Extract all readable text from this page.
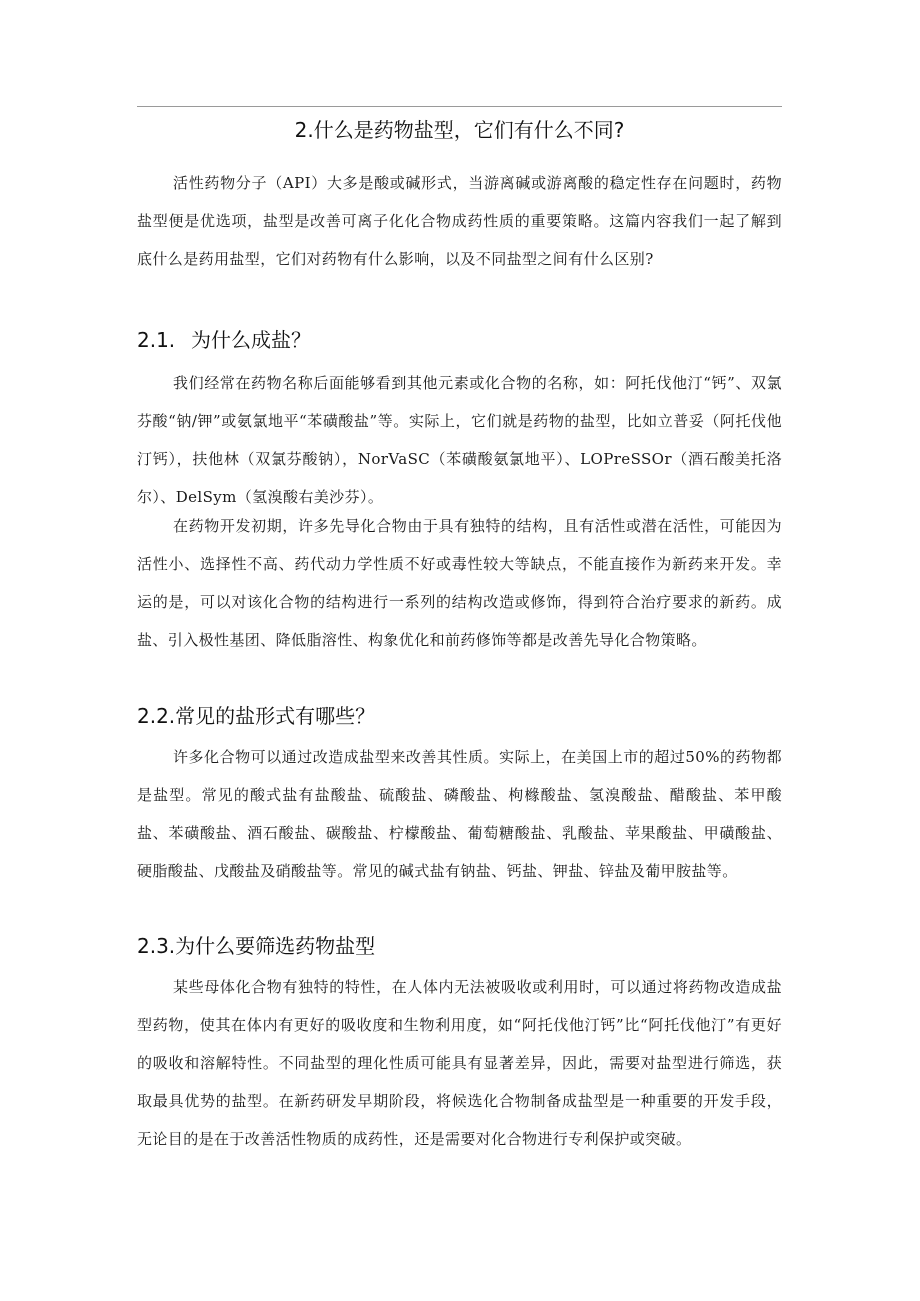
2.什么是药物盐型，它们有什么不同?

活性药物分子（API）大多是酸或碱形式，当游离碱或游离酸的稳定性存在问题时，药物盐型便是优选项，盐型是改善可离子化化合物成药性质的重要策略。这篇内容我们一起了解到底什么是药用盐型，它们对药物有什么影响，以及不同盐型之间有什么区别?

2.1. 为什么成盐？

我们经常在药物名称后面能够看到其他元素或化合物的名称，如：阿托伐他汀“钙”、双氯芬酸“钠/钾”或氨氯地平“苯磺酸盐”等。实际上，它们就是药物的盐型，比如立普妥（阿托伐他汀钙），扶他林（双氯芬酸钠），NorVaSC（苯磺酸氨氯地平）、LOPreSSOr（酒石酸美托洛尔）、DelSym（氢溴酸右美沙芬）。

在药物开发初期，许多先导化合物由于具有独特的结构，且有活性或潜在活性，可能因为活性小、选择性不高、药代动力学性质不好或毒性较大等缺点，不能直接作为新药来开发。幸运的是，可以对该化合物的结构进行一系列的结构改造或修饰，得到符合治疗要求的新药。成盐、引入极性基团、降低脂溶性、构象优化和前药修饰等都是改善先导化合物策略。

2.2.常见的盐形式有哪些？

许多化合物可以通过改造成盐型来改善其性质。实际上，在美国上市的超过50%的药物都是盐型。常见的酸式盐有盐酸盐、硫酸盐、磷酸盐、枸橼酸盐、氢溴酸盐、醋酸盐、苯甲酸盐、苯磺酸盐、酒石酸盐、碳酸盐、柠檬酸盐、葡萄糖酸盐、乳酸盐、苹果酸盐、甲磺酸盐、硬脂酸盐、戊酸盐及硝酸盐等。常见的碱式盐有钠盐、钙盐、钾盐、锌盐及葡甲胺盐等。

2.3.为什么要筛选药物盐型

某些母体化合物有独特的特性，在人体内无法被吸收或利用时，可以通过将药物改造成盐型药物，使其在体内有更好的吸收度和生物利用度，如“阿托伐他汀钙”比“阿托伐他汀”有更好的吸收和溶解特性。不同盐型的理化性质可能具有显著差异，因此，需要对盐型进行筛选，获取最具优势的盐型。在新药研发早期阶段，将候选化合物制备成盐型是一种重要的开发手段，无论目的是在于改善活性物质的成药性，还是需要对化合物进行专利保护或突破。
